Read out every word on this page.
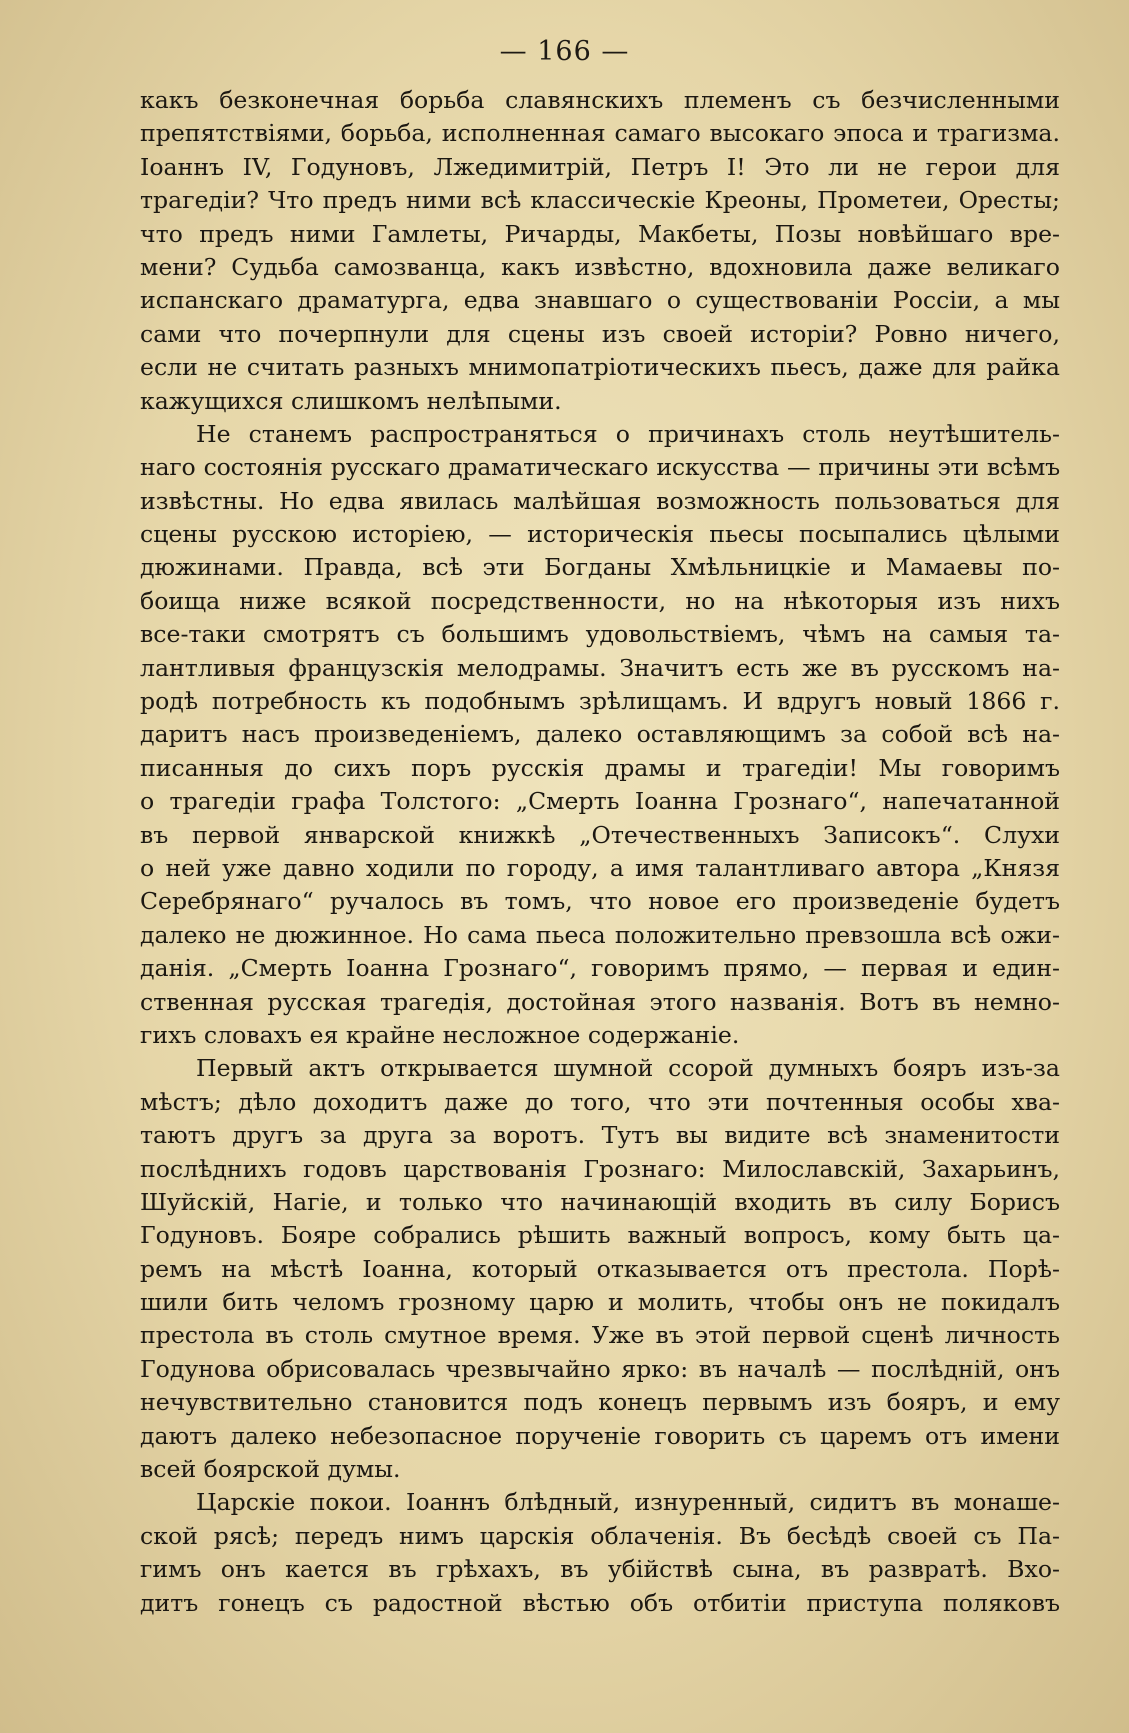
— 166 —
какъ безконечная борьба славянскихъ племенъ съ безчисленными
препятствіями, борьба, исполненная самаго высокаго эпоса и трагизма.
Іоаннъ IV, Годуновъ, Лжедимитрій, Петръ I! Это ли не герои для
трагедіи? Что предъ ними всѣ классическіе Креоны, Прометеи, Оресты;
что предъ ними Гамлеты, Ричарды, Макбеты, Позы новѣйшаго вре-
мени? Судьба самозванца, какъ извѣстно, вдохновила даже великаго
испанскаго драматурга, едва знавшаго о существованіи Россіи, а мы
сами что почерпнули для сцены изъ своей исторіи? Ровно ничего,
если не считать разныхъ мнимопатріотическихъ пьесъ, даже для райка
кажущихся слишкомъ нелѣпыми.
Не станемъ распространяться о причинахъ столь неутѣшитель-
наго состоянія русскаго драматическаго искусства — причины эти всѣмъ
извѣстны. Но едва явилась малѣйшая возможность пользоваться для
сцены русскою исторіею, — историческія пьесы посыпались цѣлыми
дюжинами. Правда, всѣ эти Богданы Хмѣльницкіе и Мамаевы по-
боища ниже всякой посредственности, но на нѣкоторыя изъ нихъ
все-таки смотрятъ съ большимъ удовольствіемъ, чѣмъ на самыя та-
лантливыя французскія мелодрамы. Значитъ есть же въ русскомъ на-
родѣ потребность къ подобнымъ зрѣлищамъ. И вдругъ новый 1866 г.
даритъ насъ произведеніемъ, далеко оставляющимъ за собой всѣ на-
писанныя до сихъ поръ русскія драмы и трагедіи! Мы говоримъ
о трагедіи графа Толстого: „Смерть Іоанна Грознаго“, напечатанной
въ первой январской книжкѣ „Отечественныхъ Записокъ“. Слухи
о ней уже давно ходили по городу, а имя талантливаго автора „Князя
Серебрянаго“ ручалось въ томъ, что новое его произведеніе будетъ
далеко не дюжинное. Но сама пьеса положительно превзошла всѣ ожи-
данія. „Смерть Іоанна Грознаго“, говоримъ прямо, — первая и един-
ственная русская трагедія, достойная этого названія. Вотъ въ немно-
гихъ словахъ ея крайне несложное содержаніе.
Первый актъ открывается шумной ссорой думныхъ бояръ изъ-за
мѣстъ; дѣло доходитъ даже до того, что эти почтенныя особы хва-
таютъ другъ за друга за воротъ. Тутъ вы видите всѣ знаменитости
послѣднихъ годовъ царствованія Грознаго: Милославскій, Захарьинъ,
Шуйскій, Нагіе, и только что начинающій входить въ силу Борисъ
Годуновъ. Бояре собрались рѣшить важный вопросъ, кому быть ца-
ремъ на мѣстѣ Іоанна, который отказывается отъ престола. Порѣ-
шили бить челомъ грозному царю и молить, чтобы онъ не покидалъ
престола въ столь смутное время. Уже въ этой первой сценѣ личность
Годунова обрисовалась чрезвычайно ярко: въ началѣ — послѣдній, онъ
нечувствительно становится подъ конецъ первымъ изъ бояръ, и ему
даютъ далеко небезопасное порученіе говорить съ царемъ отъ имени
всей боярской думы.
Царскіе покои. Іоаннъ блѣдный, изнуренный, сидитъ въ монаше-
ской рясѣ; передъ нимъ царскія облаченія. Въ бесѣдѣ своей съ Па-
гимъ онъ кается въ грѣхахъ, въ убійствѣ сына, въ развратѣ. Вхо-
дитъ гонецъ съ радостной вѣстью объ отбитіи приступа поляковъ
